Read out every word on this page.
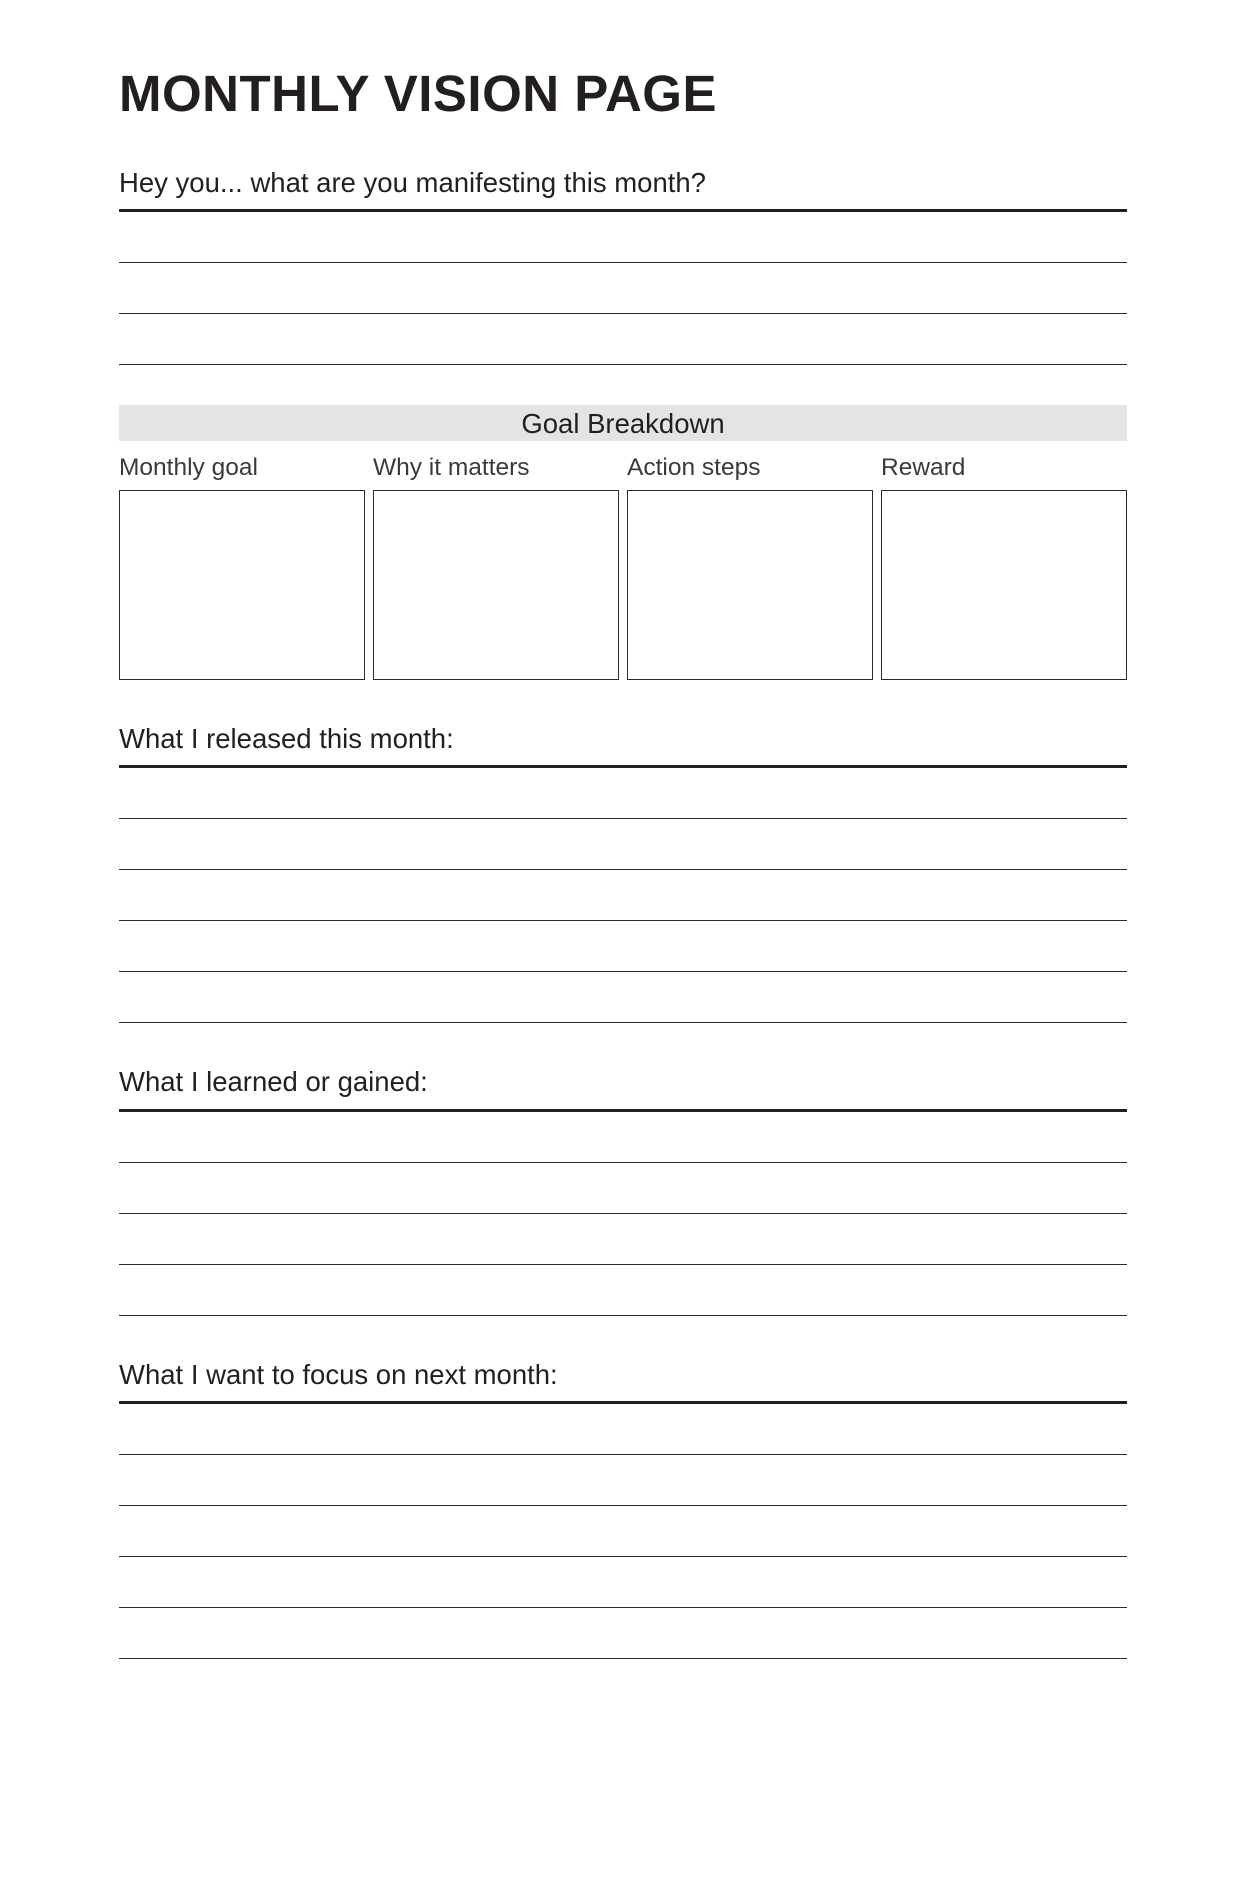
MONTHLY VISION PAGE
Hey you... what are you manifesting this month?
Goal Breakdown
Monthly goal	Why it matters	Action steps	Reward
What I released this month:
What I learned or gained:
What I want to focus on next month:
